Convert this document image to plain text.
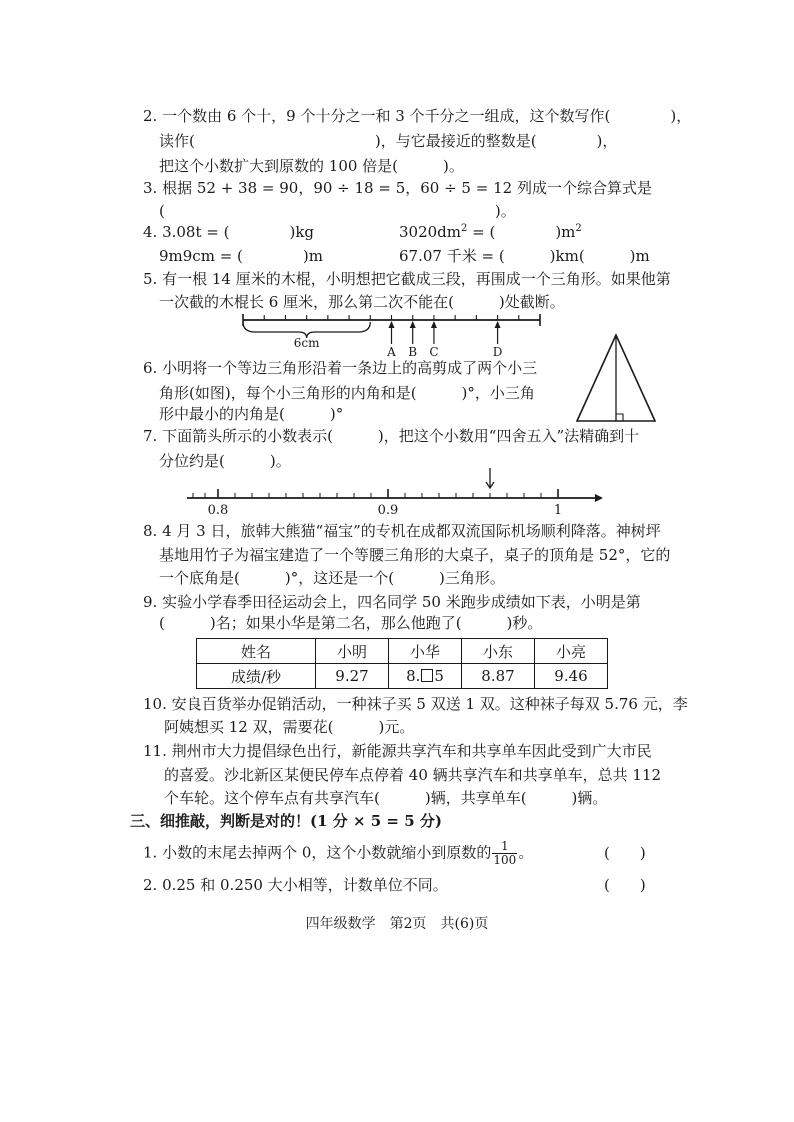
2. 一个数由 6 个十，9 个十分之一和 3 个千分之一组成，这个数写作(　　　　)，
读作(　　　　　　　　　　　　)，与它最接近的整数是(　　　　)，
把这个小数扩大到原数的 100 倍是(　　　)。
3. 根据 52 + 38 = 90，90 ÷ 18 = 5，60 ÷ 5 = 12 列成一个综合算式是
(　　　　　　　　　　　　　　　　　　　　　　)。
4. 3.08t = (　　　　)kg	$3020dm^2$ = (　　　　)$m^2$
9m9cm = (　　　　)m	67.07 千米 = (　　　)km(　　　)m
5. 有一根 14 厘米的木棍，小明想把它截成三段，再围成一个三角形。如果他第
一次截的木棍长 6 厘米，那么第二次不能在(　　　)处截断。
6cm
A B C	D
6. 小明将一个等边三角形沿着一条边上的高剪成了两个小三
角形(如图)，每个小三角形的内角和是(　　　)°，小三角
形中最小的内角是(　　　)°
7. 下面箭头所示的小数表示(　　　)，把这个小数用“四舍五入”法精确到十
分位约是(　　　)。
0.8	0.9	1
8. 4 月 3 日，旅韩大熊猫“福宝”的专机在成都双流国际机场顺利降落。神树坪
基地用竹子为福宝建造了一个等腰三角形的大桌子，桌子的顶角是 52°，它的
一个底角是(　　　)°，这还是一个(　　　)三角形。
9. 实验小学春季田径运动会上，四名同学 50 米跑步成绩如下表，小明是第
(　　　)名；如果小华是第二名，那么他跑了(　　　)秒。
姓名	小明	小华	小东	小亮
成绩/秒	9.27	8. 5	8.87	9.46
10. 安良百货举办促销活动，一种袜子买 5 双送 1 双。这种袜子每双 5.76 元，李
阿姨想买 12 双，需要花(　　　)元。
11. 荆州市大力提倡绿色出行，新能源共享汽车和共享单车因此受到广大市民
的喜爱。沙北新区某便民停车点停着 40 辆共享汽车和共享单车，总共 112
个车轮。这个停车点有共享汽车(　　　)辆，共享单车(　　　)辆。
三、细推敲，判断是对的！(1 分 × 5 = 5 分)
1. 小数的末尾去掉两个 0，这个小数就缩小到原数的 $\frac{1}{100}$ 。	(　　)
2. 0.25 和 0.250 大小相等，计数单位不同。	(　　)
四年级数学　第2页　共(6)页
